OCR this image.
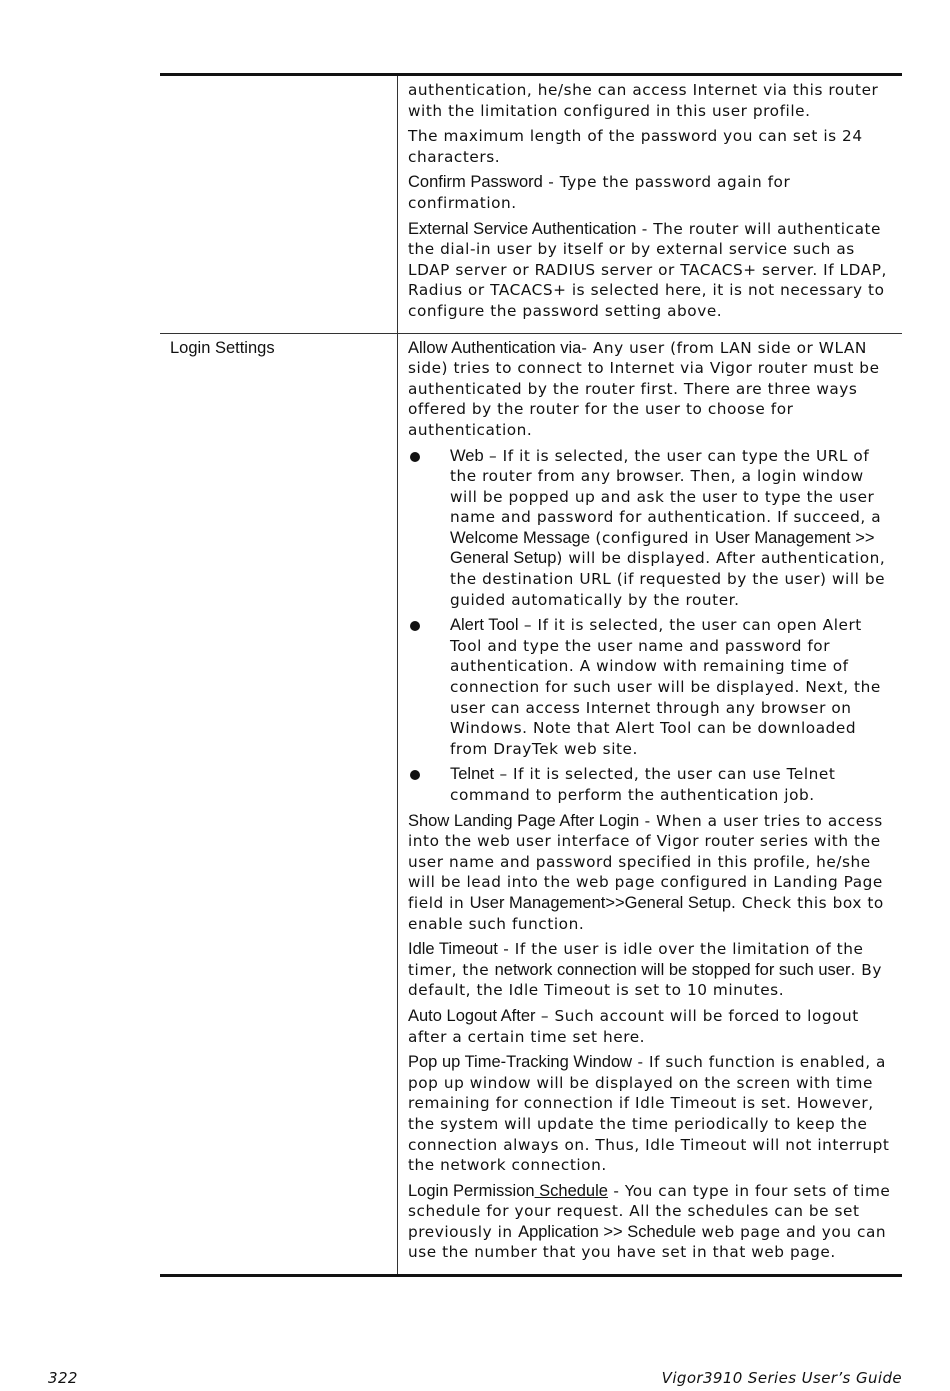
authentication, he/she can access Internet via this router with the limitation configured in this user profile.

The maximum length of the password you can set is 24 characters.

Confirm Password - Type the password again for confirmation.

External Service Authentication - The router will authenticate the dial-in user by itself or by external service such as LDAP server or RADIUS server or TACACS+ server. If LDAP, Radius or TACACS+ is selected here, it is not necessary to configure the password setting above.

Login Settings	Allow Authentication via- Any user (from LAN side or WLAN side) tries to connect to Internet via Vigor router must be authenticated by the router first. There are three ways offered by the router for the user to choose for authentication.

Web – If it is selected, the user can type the URL of the router from any browser. Then, a login window will be popped up and ask the user to type the user name and password for authentication. If succeed, a Welcome Message (configured in User Management >> General Setup) will be displayed. After authentication, the destination URL (if requested by the user) will be guided automatically by the router.
Alert Tool – If it is selected, the user can open Alert Tool and type the user name and password for authentication. A window with remaining time of connection for such user will be displayed. Next, the user can access Internet through any browser on Windows. Note that Alert Tool can be downloaded from DrayTek web site.
Telnet – If it is selected, the user can use Telnet command to perform the authentication job.

Show Landing Page After Login - When a user tries to access into the web user interface of Vigor router series with the user name and password specified in this profile, he/she will be lead into the web page configured in Landing Page field in User Management>>General Setup. Check this box to enable such function.

Idle Timeout - If the user is idle over the limitation of the timer, the network connection will be stopped for such user. By default, the Idle Timeout is set to 10 minutes.

Auto Logout After – Such account will be forced to logout after a certain time set here.

Pop up Time-Tracking Window - If such function is enabled, a pop up window will be displayed on the screen with time remaining for connection if Idle Timeout is set. However, the system will update the time periodically to keep the connection always on. Thus, Idle Timeout will not interrupt the network connection.

Login Permission Schedule - You can type in four sets of time schedule for your request. All the schedules can be set previously in Application >> Schedule web page and you can use the number that you have set in that web page.

322	Vigor3910 Series User’s Guide
